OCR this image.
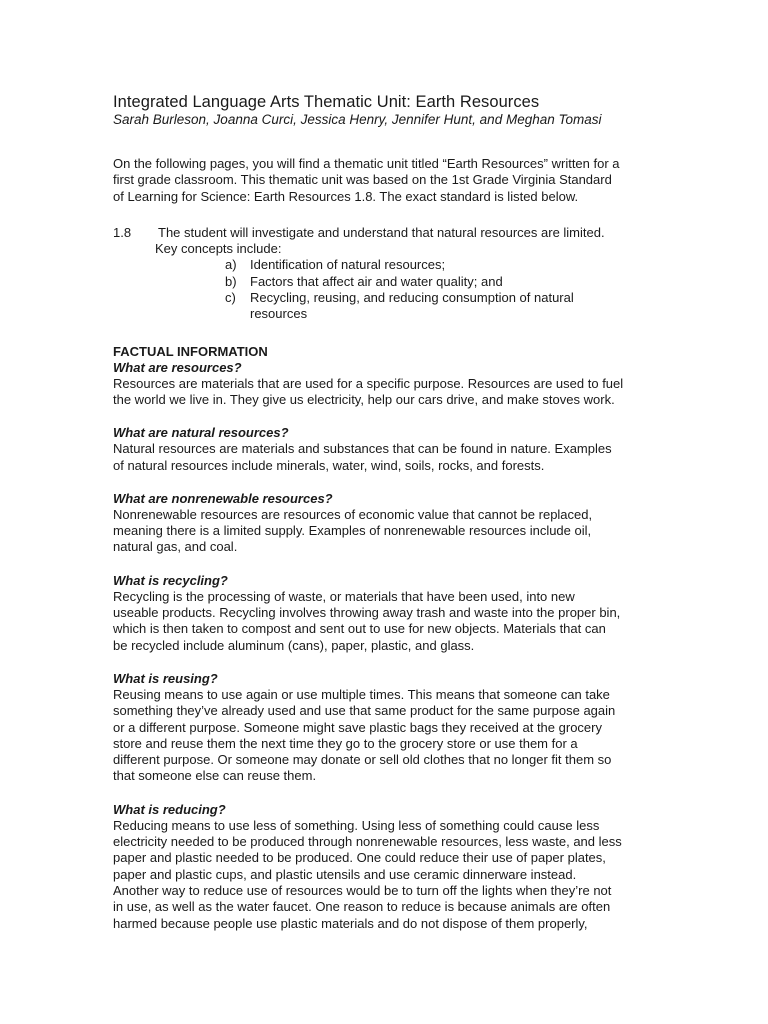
Integrated Language Arts Thematic Unit: Earth Resources

Sarah Burleson, Joanna Curci, Jessica Henry, Jennifer Hunt, and Meghan Tomasi

On the following pages, you will find a thematic unit titled “Earth Resources” written for a

first grade classroom. This thematic unit was based on the 1st Grade Virginia Standard

of Learning for Science: Earth Resources 1.8. The exact standard is listed below.

1.8	The student will investigate and understand that natural resources are limited.
Key concepts include:
a)	Identification of natural resources;
b)	Factors that affect air and water quality; and
c)	Recycling, reusing, and reducing consumption of natural
resources
FACTUAL INFORMATION

What are resources?

Resources are materials that are used for a specific purpose. Resources are used to fuel

the world we live in. They give us electricity, help our cars drive, and make stoves work.

What are natural resources?

Natural resources are materials and substances that can be found in nature. Examples

of natural resources include minerals, water, wind, soils, rocks, and forests.

What are nonrenewable resources?

Nonrenewable resources are resources of economic value that cannot be replaced,

meaning there is a limited supply. Examples of nonrenewable resources include oil,

natural gas, and coal.

What is recycling?

Recycling is the processing of waste, or materials that have been used, into new

useable products. Recycling involves throwing away trash and waste into the proper bin,

which is then taken to compost and sent out to use for new objects. Materials that can

be recycled include aluminum (cans), paper, plastic, and glass.

What is reusing?

Reusing means to use again or use multiple times. This means that someone can take

something they’ve already used and use that same product for the same purpose again

or a different purpose. Someone might save plastic bags they received at the grocery

store and reuse them the next time they go to the grocery store or use them for a

different purpose. Or someone may donate or sell old clothes that no longer fit them so

that someone else can reuse them.

What is reducing?

Reducing means to use less of something. Using less of something could cause less

electricity needed to be produced through nonrenewable resources, less waste, and less

paper and plastic needed to be produced. One could reduce their use of paper plates,

paper and plastic cups, and plastic utensils and use ceramic dinnerware instead.

Another way to reduce use of resources would be to turn off the lights when they’re not

in use, as well as the water faucet. One reason to reduce is because animals are often

harmed because people use plastic materials and do not dispose of them properly,
